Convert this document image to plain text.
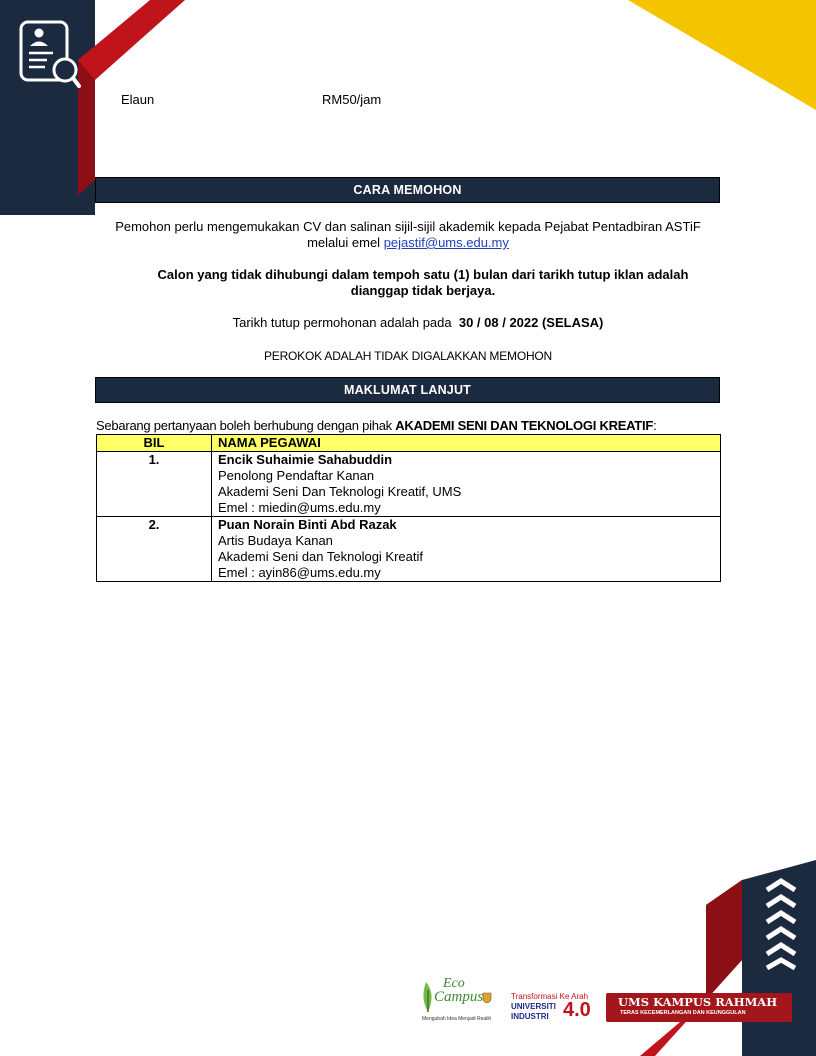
Elaun	RM50/jam
CARA MEMOHON
Pemohon perlu mengemukakan CV dan salinan sijil-sijil akademik kepada Pejabat Pentadbiran ASTiF
melalui emel pejastif@ums.edu.my
Calon yang tidak dihubungi dalam tempoh satu (1) bulan dari tarikh tutup iklan adalah
dianggap tidak berjaya.
Tarikh tutup permohonan adalah pada 30 / 08 / 2022 (SELASA)
PEROKOK ADALAH TIDAK DIGALAKKAN MEMOHON
MAKLUMAT LANJUT
Sebarang pertanyaan boleh berhubung dengan pihak AKADEMI SENI DAN TEKNOLOGI KREATIF:
BIL	NAMA PEGAWAI
1.	Encik Suhaimie Sahabuddin
Penolong Pendaftar Kanan
Akademi Seni Dan Teknologi Kreatif, UMS
Emel : miedin@ums.edu.my

2.	Puan Norain Binti Abd Razak
Artis Budaya Kanan
Akademi Seni dan Teknologi Kreatif
Emel : ayin86@ums.edu.my
Eco
Campus
Mengubah Idea Menjadi Realiti
Transformasi Ke Arah
UNIVERSITI
INDUSTRI 4.0 UMS KAMPUS RAHMAH
TERAS KECEMERLANGAN DAN KEUNGGULAN
